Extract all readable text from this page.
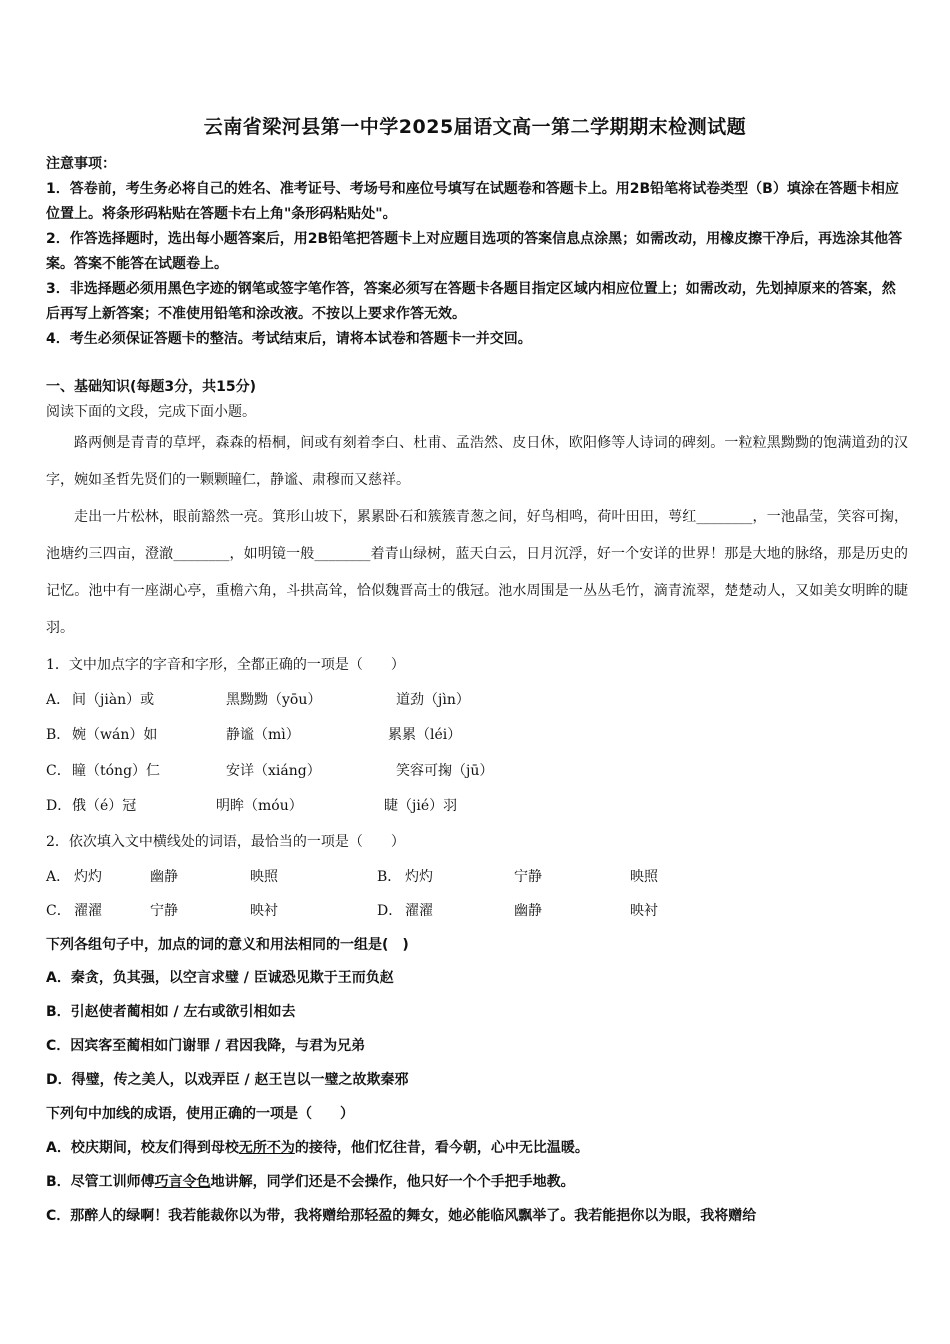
云南省梁河县第一中学2025届语文高一第二学期期末检测试题

注意事项：

1．答卷前，考生务必将自己的姓名、准考证号、考场号和座位号填写在试题卷和答题卡上。用2B铅笔将试卷类型（B）填涂在答题卡相应位置上。将条形码粘贴在答题卡右上角"条形码粘贴处"。

2．作答选择题时，选出每小题答案后，用2B铅笔把答题卡上对应题目选项的答案信息点涂黑；如需改动，用橡皮擦干净后，再选涂其他答案。答案不能答在试题卷上。

3．非选择题必须用黑色字迹的钢笔或签字笔作答，答案必须写在答题卡各题目指定区域内相应位置上；如需改动，先划掉原来的答案，然后再写上新答案；不准使用铅笔和涂改液。不按以上要求作答无效。

4．考生必须保证答题卡的整洁。考试结束后，请将本试卷和答题卡一并交回。

一、基础知识(每题3分，共15分)
阅读下面的文段，完成下面小题。

路两侧是青青的草坪，森森的梧桐，间或有刻着李白、杜甫、孟浩然、皮日休，欧阳修等人诗词的碑刻。一粒粒黑黝黝的饱满道劲的汉字，婉如圣哲先贤们的一颗颗瞳仁，静谧、肃穆而又慈祥。

走出一片松林，眼前豁然一亮。箕形山坡下，累累卧石和簇簇青葱之间，好鸟相鸣，荷叶田田，萼红________，一池晶莹，笑容可掬，池塘约三四亩，澄澈________，如明镜一般________着青山绿树，蓝天白云，日月沉浮，好一个安详的世界！那是大地的脉络，那是历史的记忆。池中有一座湖心亭，重檐六角，斗拱高耸，恰似魏晋高士的俄冠。池水周围是一丛丛毛竹，滴青流翠，楚楚动人，又如美女明眸的睫羽。

1．文中加点字的字音和字形，全都正确的一项是（　　）
A． 间（jiàn）或	黑黝黝（yōu）	道劲（jìn）
B． 婉（wán）如	静谧（mì）	累累（léi）
C． 瞳（tóng）仁	安详（xiáng）	笑容可掬（jū）
D． 俄（é）冠	明眸（móu）	睫（jié）羽
2．依次填入文中横线处的词语，最恰当的一项是（　　）
A． 灼灼	幽静	映照	B． 灼灼	宁静	映照
C． 濯濯	宁静	映衬	D． 濯濯	幽静	映衬
下列各组句子中，加点的词的意义和用法相同的一组是(　)
A．秦贪，负其强，以空言求璧 / 臣诚恐见欺于王而负赵
B．引赵使者蔺相如 / 左右或欲引相如去
C．因宾客至蔺相如门谢罪 / 君因我降，与君为兄弟
D．得璧，传之美人，以戏弄臣 / 赵王岂以一璧之故欺秦邪
下列句中加线的成语，使用正确的一项是（　　）
A．校庆期间，校友们得到母校无所不为的接待，他们忆往昔，看今朝，心中无比温暖。
B．尽管工训师傅巧言令色地讲解，同学们还是不会操作，他只好一个个手把手地教。
C．那醉人的绿啊！我若能裁你以为带，我将赠给那轻盈的舞女，她必能临风飘举了。我若能挹你以为眼，我将赠给
